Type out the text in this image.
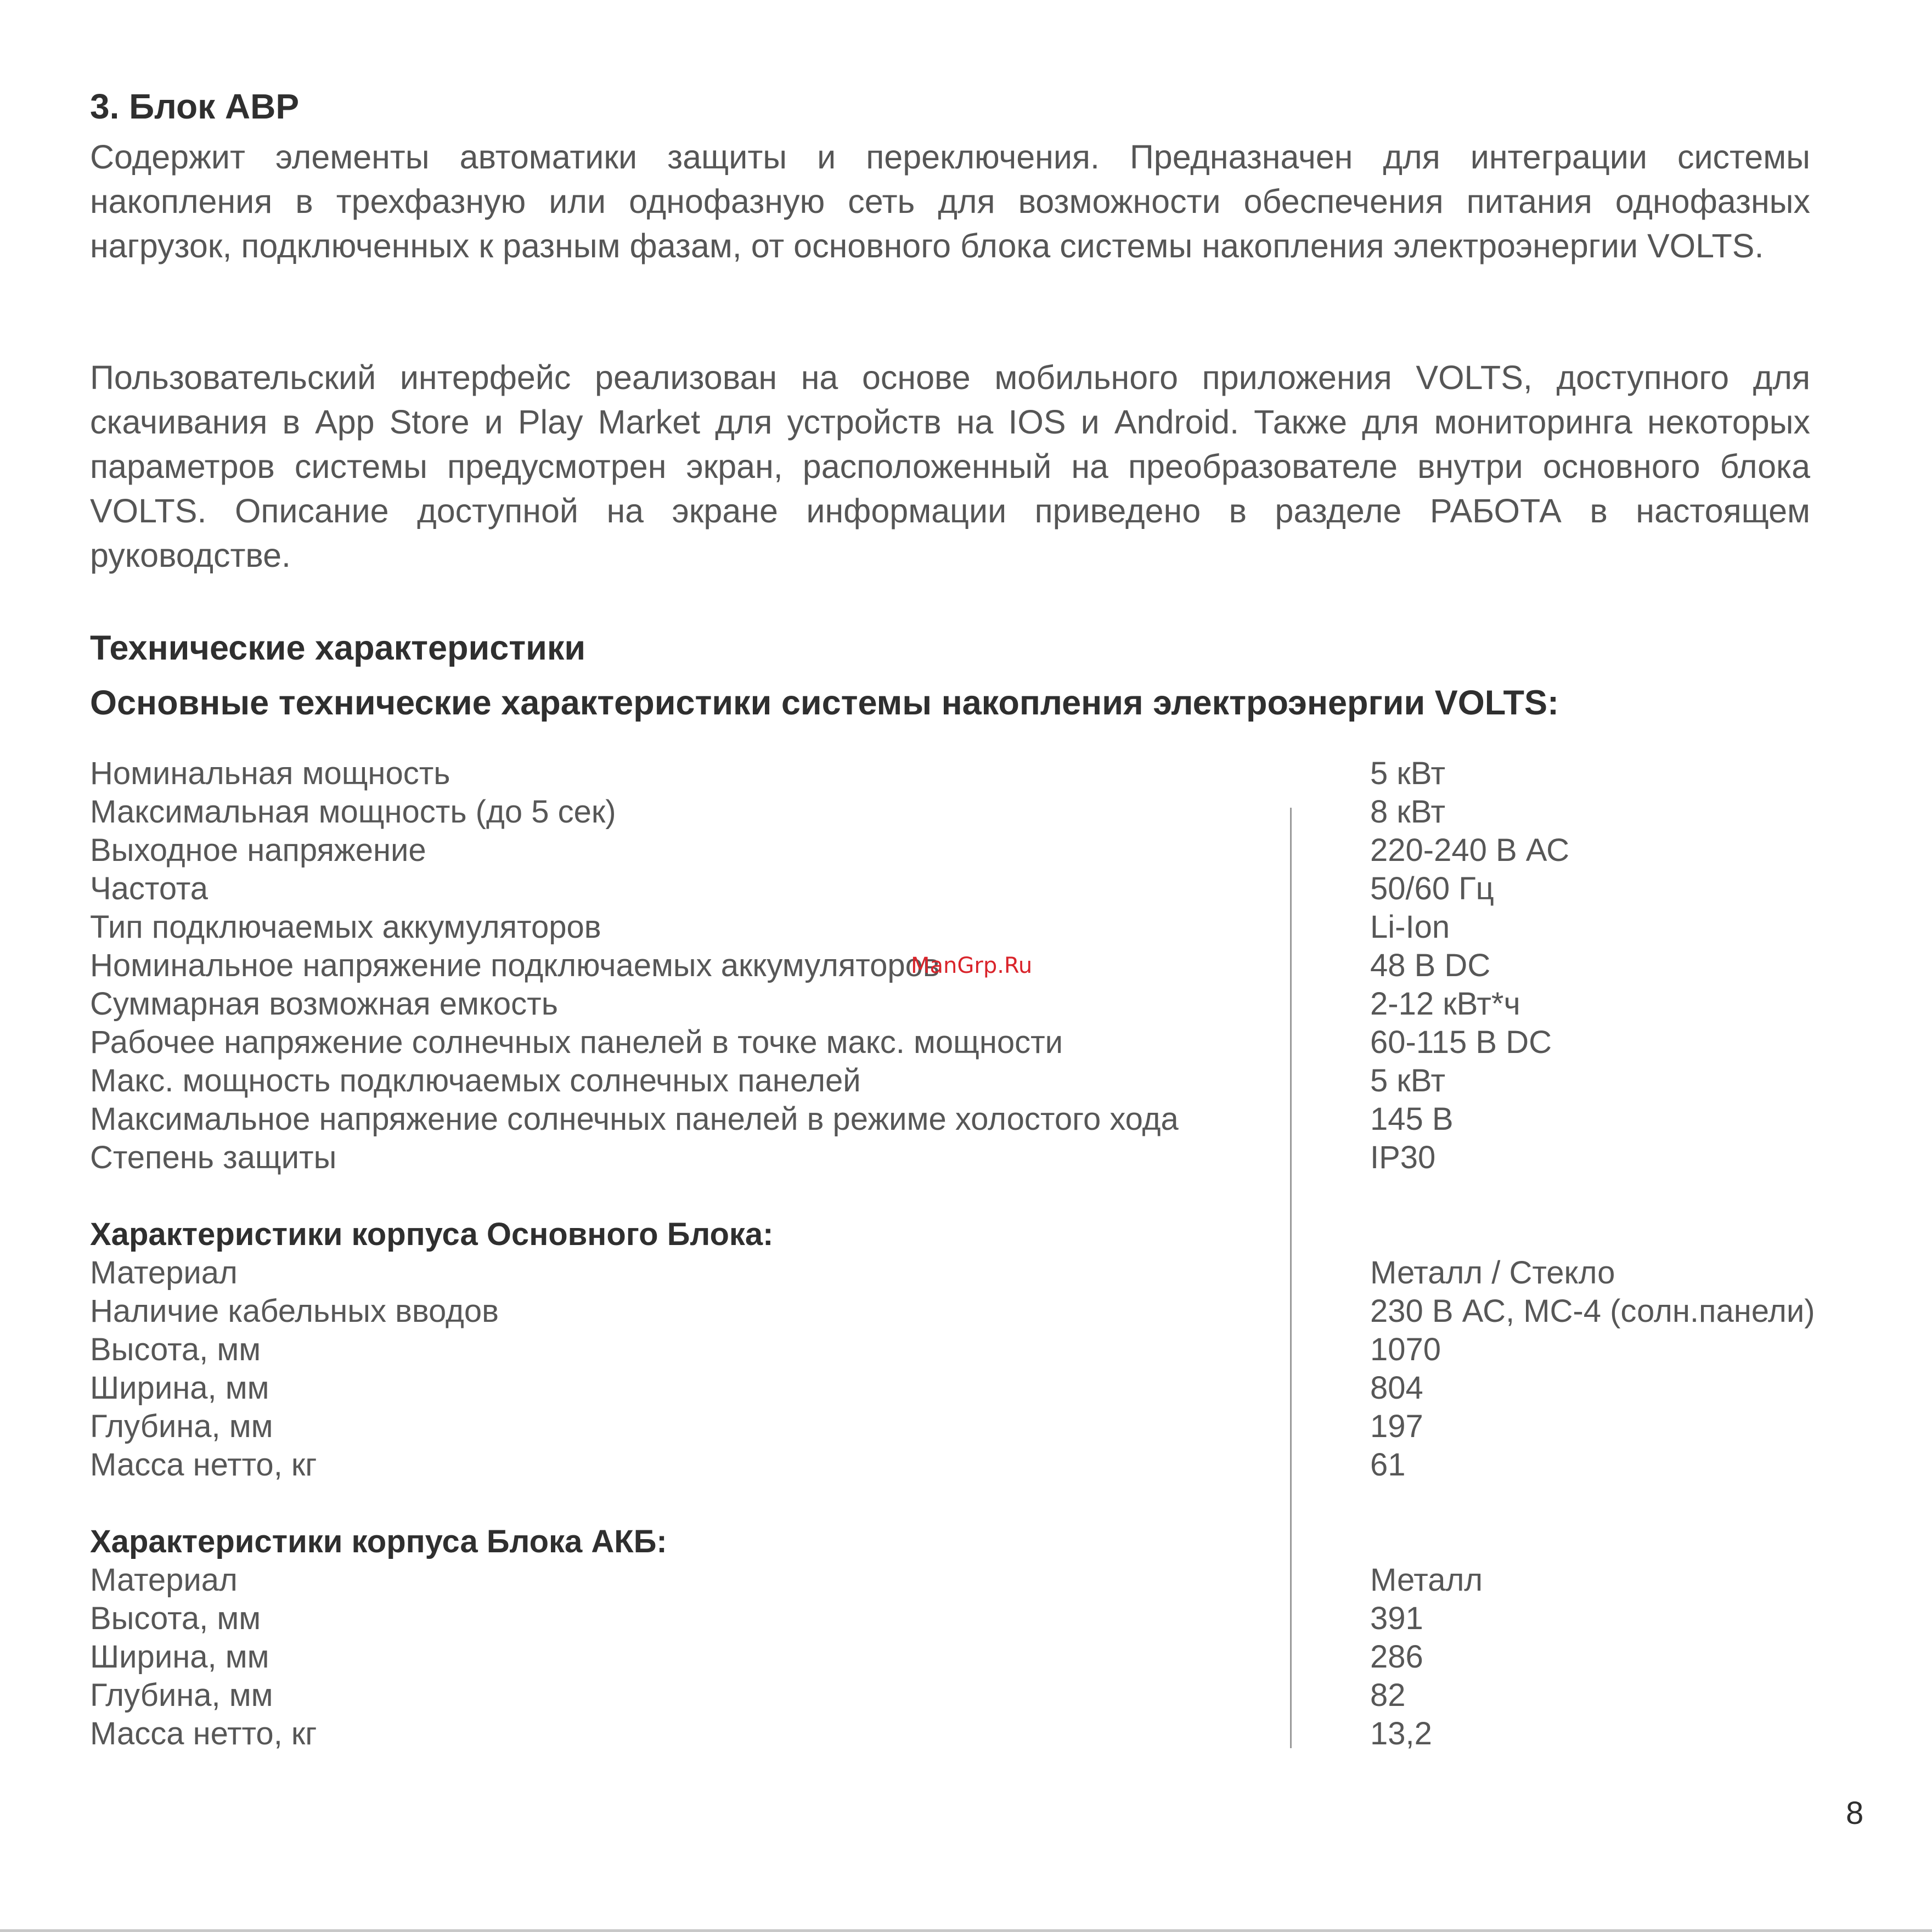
3. Блок АВР
Содержит элементы автоматики защиты и переключения. Предназначен для интеграции системы накопления в трехфазную или однофазную сеть для возможности обеспечения питания однофазных нагрузок, подключенных к разным фазам, от основного блока системы накопления электроэнергии VOLTS.
Пользовательский интерфейс реализован на основе мобильного приложения VOLTS, доступного для скачивания в App Store и Play Market для устройств на IOS и Android. Также для мониторинга некоторых параметров системы предусмотрен экран, расположенный на преобразователе внутри основного блока VOLTS. Описание доступной на экране информации приведено в разделе РАБОТА в настоящем руководстве.
Технические характеристики
Основные технические характеристики системы накопления электроэнергии VOLTS:
Номинальная мощность	5 кВт
Максимальная мощность (до 5 сек)	8 кВт
Выходное напряжение	220-240 В АС
Частота	50/60 Гц
Тип подключаемых аккумуляторов	Li-Ion
Номинальное напряжение подключаемых аккумуляторов	48 В DC
Суммарная возможная емкость	2-12 кВт*ч
Рабочее напряжение солнечных панелей в точке макс. мощности	60-115 В DC
Макс. мощность подключаемых солнечных панелей	5 кВт
Максимальное напряжение солнечных панелей в режиме холостого хода	145 В
Степень защиты	IP30
Характеристики корпуса Основного Блока:
Материал	Металл / Стекло
Наличие кабельных вводов	230 В АС, МС-4 (солн.панели)
Высота, мм	1070
Ширина, мм	804
Глубина, мм	197
Масса нетто, кг	61
Характеристики корпуса Блока АКБ:
Материал	Металл
Высота, мм	391
Ширина, мм	286
Глубина, мм	82
Масса нетто, кг	13,2
ManGrp.Ru
8
